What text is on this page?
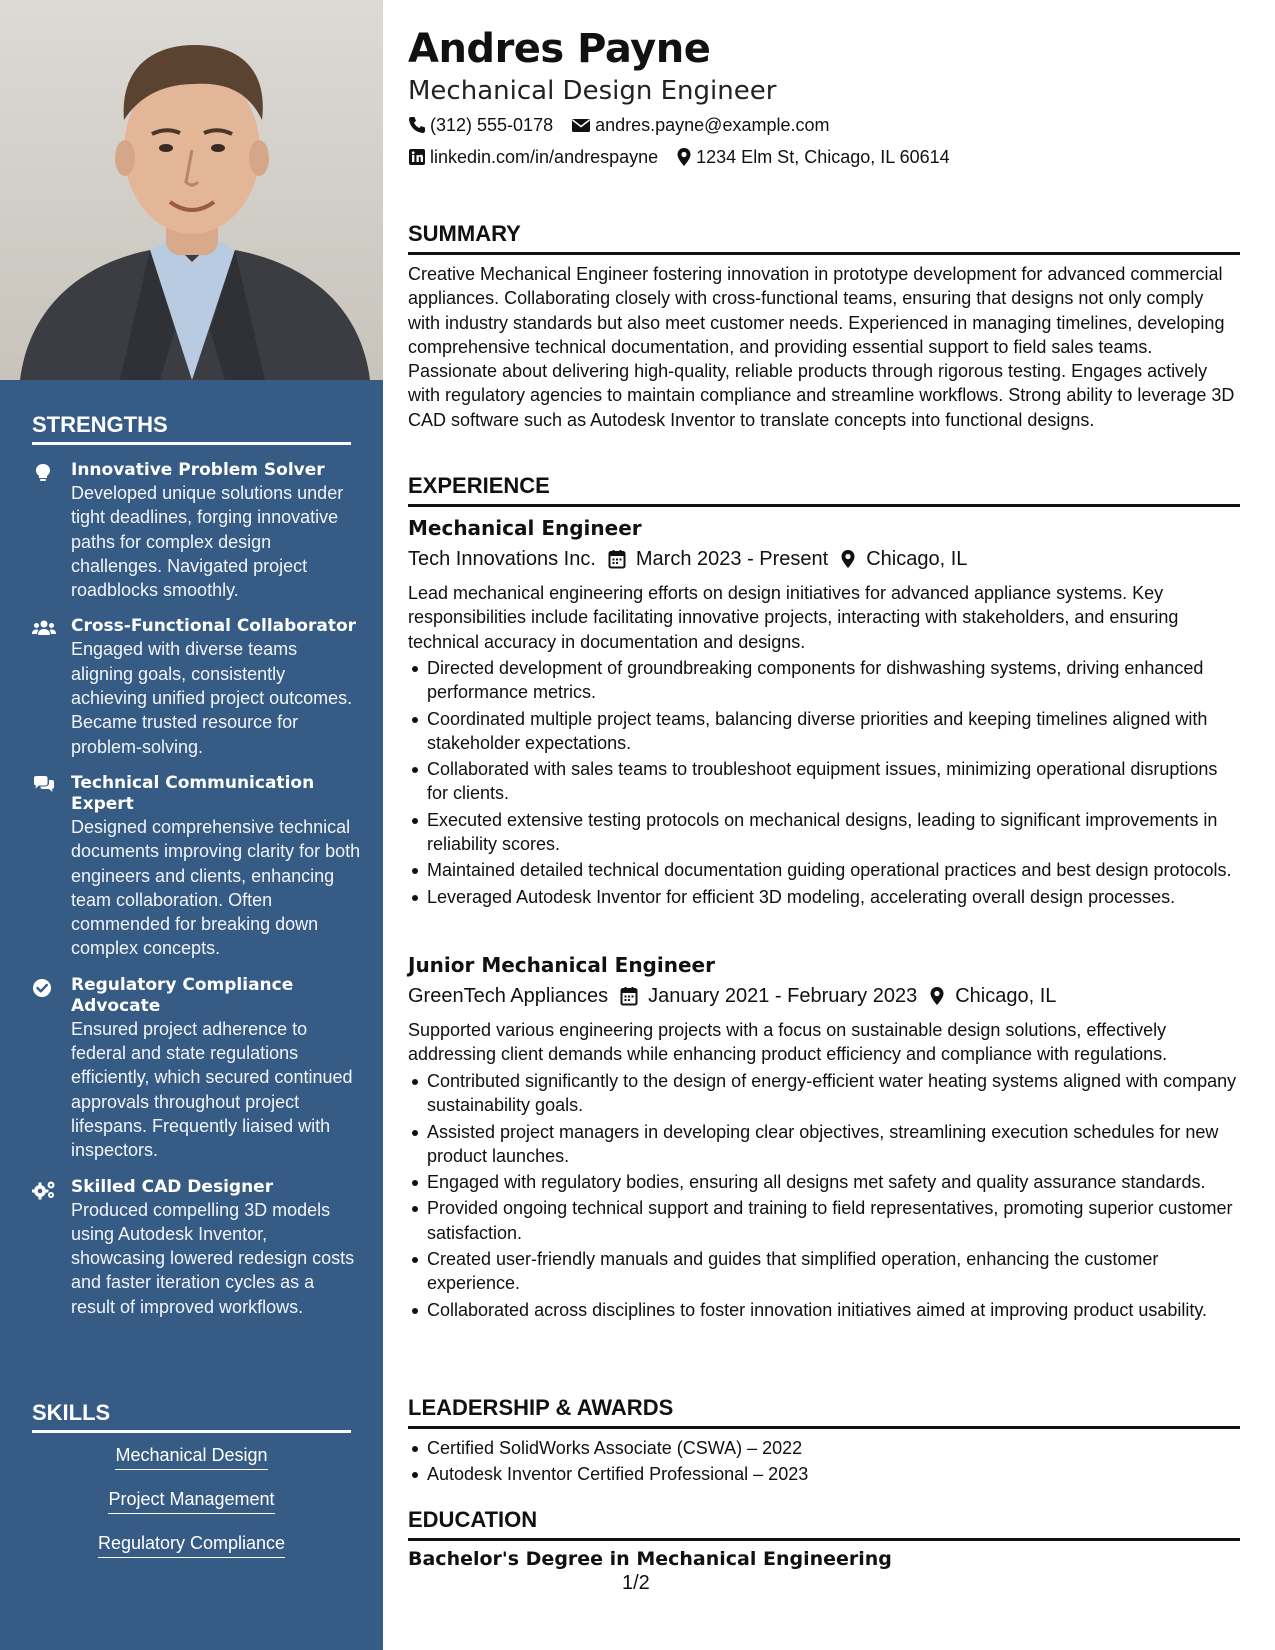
STRENGTHS
Innovative Problem Solver
Developed unique solutions under tight deadlines, forging innovative paths for complex design challenges. Navigated project roadblocks smoothly.
Cross-Functional Collaborator
Engaged with diverse teams aligning goals, consistently achieving unified project outcomes. Became trusted resource for problem-solving.
Technical Communication Expert
Designed comprehensive technical documents improving clarity for both engineers and clients, enhancing team collaboration. Often commended for breaking down complex concepts.
Regulatory Compliance Advocate
Ensured project adherence to federal and state regulations efficiently, which secured continued approvals throughout project lifespans. Frequently liaised with inspectors.
Skilled CAD Designer
Produced compelling 3D models using Autodesk Inventor, showcasing lowered redesign costs and faster iteration cycles as a result of improved workflows.
SKILLS
Mechanical Design
Project Management
Regulatory Compliance
Andres Payne
Mechanical Design Engineer
(312) 555-0178 andres.payne@example.com
linkedin.com/in/andrespayne 1234 Elm St, Chicago, IL 60614
SUMMARY
Creative Mechanical Engineer fostering innovation in prototype development for advanced commercial appliances. Collaborating closely with cross-functional teams, ensuring that designs not only comply with industry standards but also meet customer needs. Experienced in managing timelines, developing comprehensive technical documentation, and providing essential support to field sales teams. Passionate about delivering high-quality, reliable products through rigorous testing. Engages actively with regulatory agencies to maintain compliance and streamline workflows. Strong ability to leverage 3D CAD software such as Autodesk Inventor to translate concepts into functional designs.
EXPERIENCE
Mechanical Engineer
Tech Innovations Inc. March 2023 - Present Chicago, IL
Lead mechanical engineering efforts on design initiatives for advanced appliance systems. Key responsibilities include facilitating innovative projects, interacting with stakeholders, and ensuring technical accuracy in documentation and designs.
Directed development of groundbreaking components for dishwashing systems, driving enhanced performance metrics.
Coordinated multiple project teams, balancing diverse priorities and keeping timelines aligned with stakeholder expectations.
Collaborated with sales teams to troubleshoot equipment issues, minimizing operational disruptions for clients.
Executed extensive testing protocols on mechanical designs, leading to significant improvements in reliability scores.
Maintained detailed technical documentation guiding operational practices and best design protocols.
Leveraged Autodesk Inventor for efficient 3D modeling, accelerating overall design processes.
Junior Mechanical Engineer
GreenTech Appliances January 2021 - February 2023 Chicago, IL
Supported various engineering projects with a focus on sustainable design solutions, effectively addressing client demands while enhancing product efficiency and compliance with regulations.
Contributed significantly to the design of energy-efficient water heating systems aligned with company sustainability goals.
Assisted project managers in developing clear objectives, streamlining execution schedules for new product launches.
Engaged with regulatory bodies, ensuring all designs met safety and quality assurance standards.
Provided ongoing technical support and training to field representatives, promoting superior customer satisfaction.
Created user-friendly manuals and guides that simplified operation, enhancing the customer experience.
Collaborated across disciplines to foster innovation initiatives aimed at improving product usability.
LEADERSHIP & AWARDS
Certified SolidWorks Associate (CSWA) – 2022
Autodesk Inventor Certified Professional – 2023
EDUCATION
Bachelor's Degree in Mechanical Engineering
1/2
